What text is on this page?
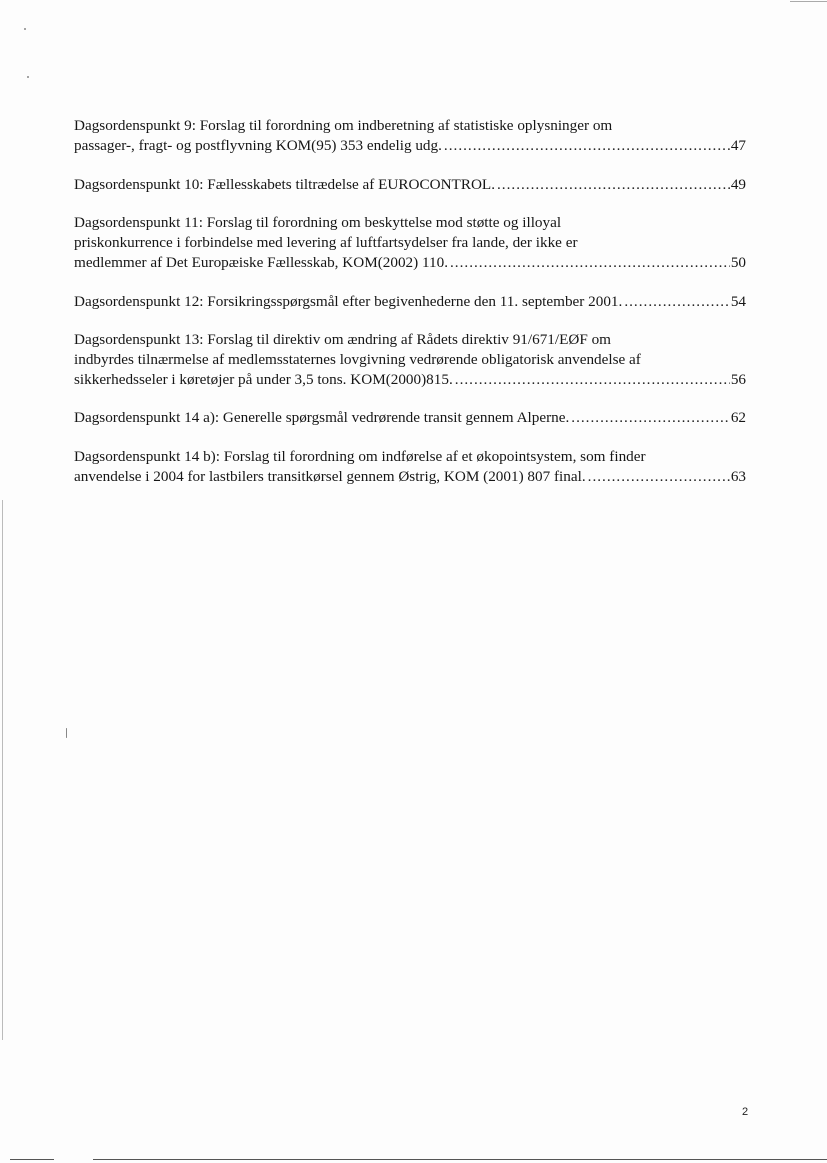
Dagsordenspunkt 9: Forslag til forordning om indberetning af statistiske oplysninger om
passager-, fragt- og postflyvning KOM(95) 353 endelig udg. .....	47
Dagsordenspunkt 10: Fællesskabets tiltrædelse af EUROCONTROL. .....	49
Dagsordenspunkt 11: Forslag til forordning om beskyttelse mod støtte og illoyal
priskonkurrence i forbindelse med levering af luftfartsydelser fra lande, der ikke er
medlemmer af Det Europæiske Fællesskab, KOM(2002) 110. .....	50
Dagsordenspunkt 12: Forsikringsspørgsmål efter begivenhederne den 11. september 2001. .....	54
Dagsordenspunkt 13: Forslag til direktiv om ændring af Rådets direktiv 91/671/EØF om
indbyrdes tilnærmelse af medlemsstaternes lovgivning vedrørende obligatorisk anvendelse af
sikkerhedsseler i køretøjer på under 3,5 tons. KOM(2000)815. .....	56
Dagsordenspunkt 14 a): Generelle spørgsmål vedrørende transit gennem Alperne. .....	62
Dagsordenspunkt 14 b): Forslag til forordning om indførelse af et økopointsystem, som finder
anvendelse i 2004 for lastbilers transitkørsel gennem Østrig, KOM (2001) 807 final. .....	63
2
